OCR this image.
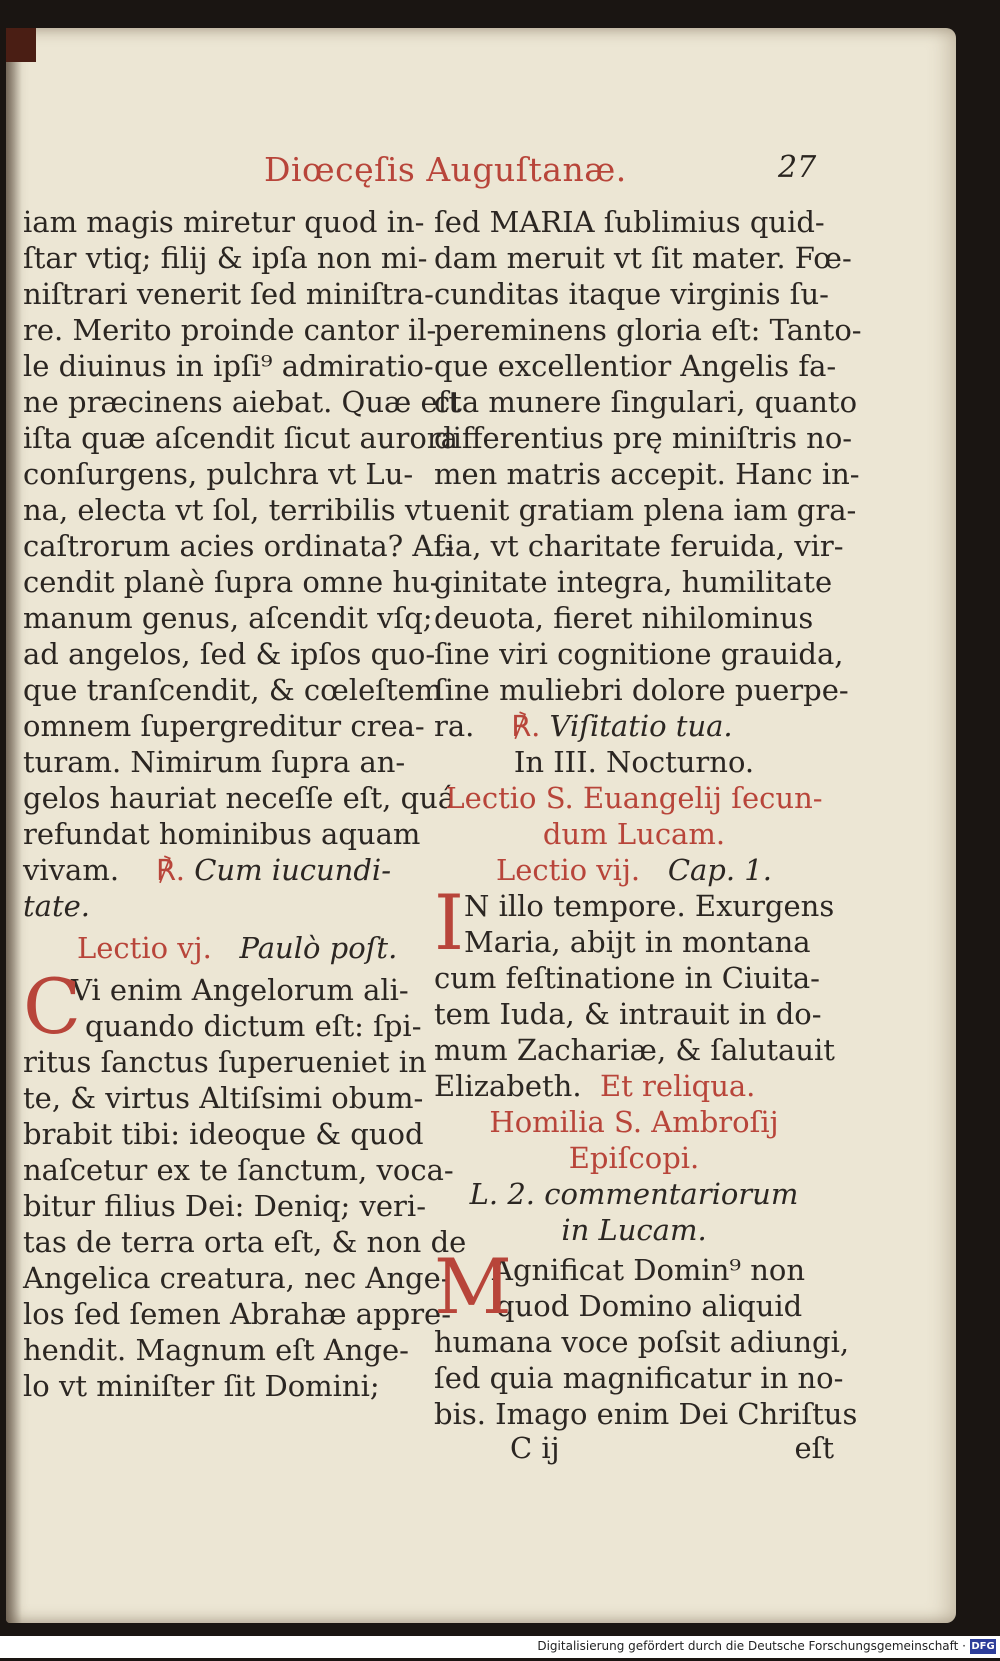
Diœcęſis Auguſtanæ.	27
iam magis miretur quod in-
ſtar vtiq; filij & ipſa non mi-
niſtrari venerit ſed miniſtra-
re. Merito proinde cantor il-
le diuinus in ipſi⁹ admiratio-
ne præcinens aiebat. Quæ eſt
iſta quæ aſcendit ſicut aurora
conſurgens, pulchra vt Lu-
na, electa vt ſol, terribilis vt
caſtrorum acies ordinata? Aſ-
cendit planè ſupra omne hu-
manum genus, aſcendit vſq;
ad angelos, ſed & ipſos quo-
que tranſcendit, & cœleſtem
omnem ſupergreditur crea-
turam. Nimirum ſupra an-
gelos hauriat neceſſe eſt, quá
refundat hominibus aquam
vivam. ℟. Cum iucundi-
tate.
Lectio vj. Paulò poſt.
C
Vi enim Angelorum ali-
quando dictum eſt: ſpi-
ritus ſanctus ſuperueniet in
te, & virtus Altiſsimi obum-
brabit tibi: ideoque & quod
naſcetur ex te ſanctum, voca-
bitur filius Dei: Deniq; veri-
tas de terra orta eſt, & non de
Angelica creatura, nec Ange-
los ſed ſemen Abrahæ appre-
hendit. Magnum eſt Ange-
lo vt miniſter ſit Domini;
ſed MARIA ſublimius quid-
dam meruit vt ſit mater. Fœ-
cunditas itaque virginis ſu-
pereminens gloria eſt: Tanto-
que excellentior Angelis fa-
cta munere ſingulari, quanto
differentius prę miniſtris no-
men matris accepit. Hanc in-
uenit gratiam plena iam gra-
tia, vt charitate feruida, vir-
ginitate integra, humilitate
deuota, fieret nihilominus
ſine viri cognitione grauida,
ſine muliebri dolore puerpe-
ra. ℟. Viſitatio tua.
In III. Nocturno.
Lectio S. Euangelij ſecun-
dum Lucam.
Lectio vij. Cap. 1.
I N illo tempore. Exurgens
Maria, abijt in montana
cum feſtinatione in Ciuita-
tem Iuda, & intrauit in do-
mum Zachariæ, & ſalutauit
Elizabeth. Et reliqua.
Homilia S. Ambroſij
Epiſcopi.
L. 2. commentariorum
in Lucam.
M
Agnificat Domin⁹ non
quod Domino aliquid
humana voce poſsit adiungi,
ſed quia magnificatur in no-
bis. Imago enim Dei Chriſtus
C ij	eſt
Digitalisierung gefördert durch die Deutsche Forschungsgemeinschaft · DFG
